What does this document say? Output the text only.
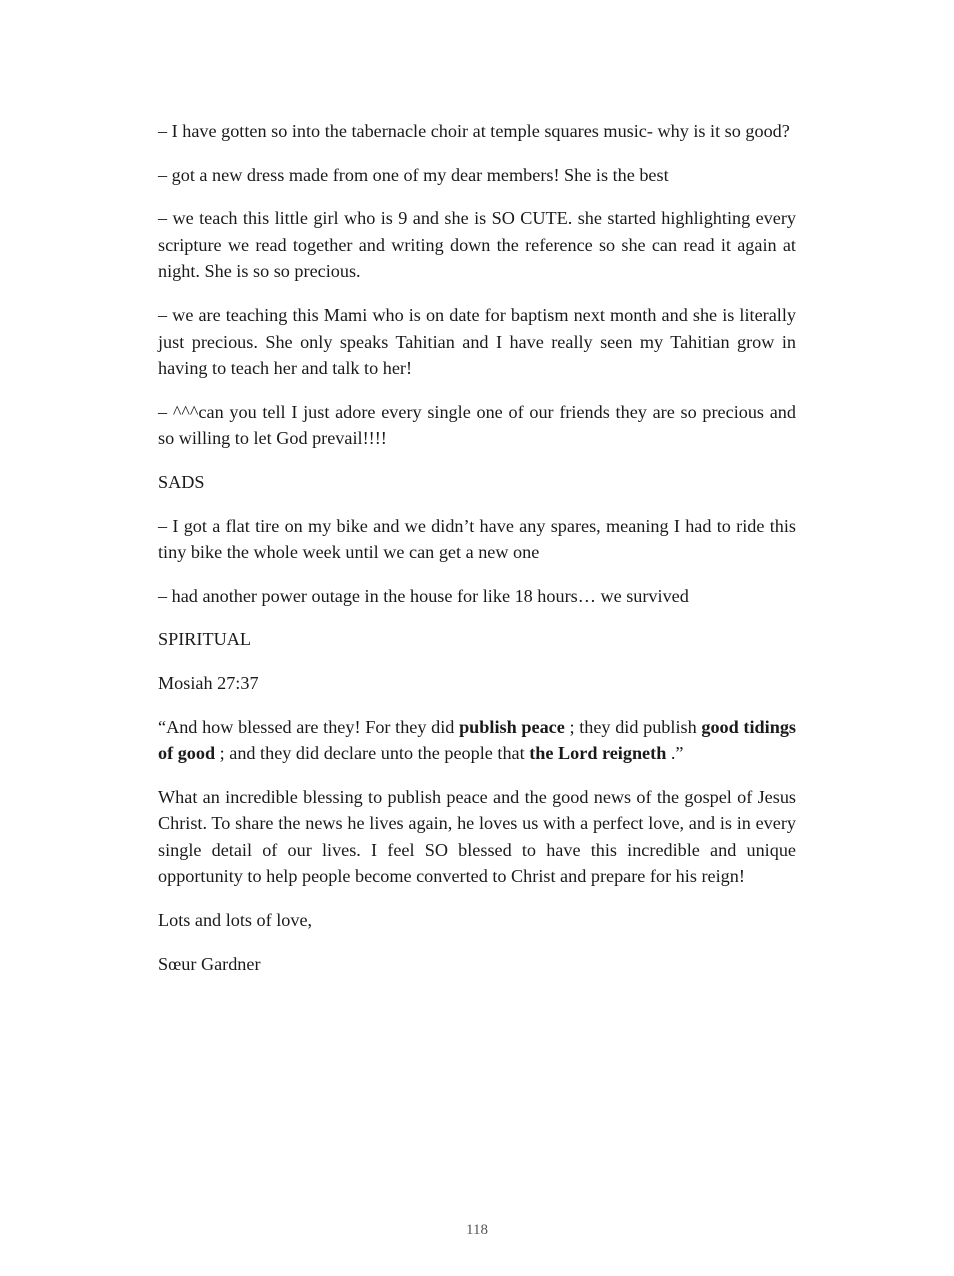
– I have gotten so into the tabernacle choir at temple squares music- why is it so good?

– got a new dress made from one of my dear members! She is the best

– we teach this little girl who is 9 and she is SO CUTE. she started highlighting every scripture we read together and writing down the reference so she can read it again at night. She is so so precious.

– we are teaching this Mami who is on date for baptism next month and she is literally just precious. She only speaks Tahitian and I have really seen my Tahitian grow in having to teach her and talk to her!

– ^^^can you tell I just adore every single one of our friends they are so precious and so willing to let God prevail!!!!

SADS

– I got a flat tire on my bike and we didn’t have any spares, meaning I had to ride this tiny bike the whole week until we can get a new one

– had another power outage in the house for like 18 hours… we survived

SPIRITUAL

Mosiah 27:37

“And how blessed are they! For they did publish peace ; they did publish good tidings of good ; and they did declare unto the people that the Lord reigneth .”

What an incredible blessing to publish peace and the good news of the gospel of Jesus Christ. To share the news he lives again, he loves us with a perfect love, and is in every single detail of our lives. I feel SO blessed to have this incredible and unique opportunity to help people become converted to Christ and prepare for his reign!

Lots and lots of love,

Sœur Gardner

118
